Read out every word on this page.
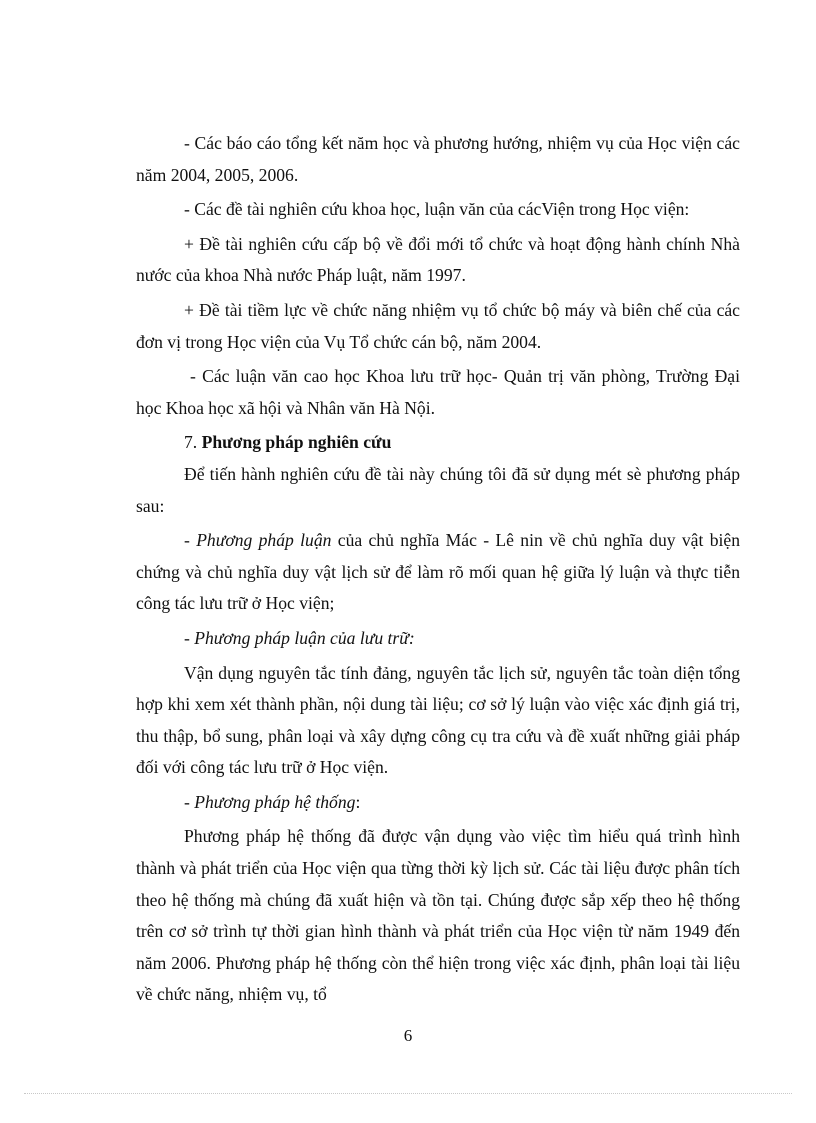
- Các báo cáo tổng kết năm học và phương hướng, nhiệm vụ của Học viện các năm 2004, 2005, 2006.

- Các đề tài nghiên cứu khoa học, luận văn của cácViện trong Học viện:

+ Đề tài nghiên cứu cấp bộ về đổi mới tổ chức và hoạt động hành chính Nhà nước của khoa Nhà nước Pháp luật, năm 1997.

+ Đề tài tiềm lực về chức năng nhiệm vụ tổ chức bộ máy và biên chế của các đơn vị trong Học viện của Vụ Tổ chức cán bộ, năm 2004.

- Các luận văn cao học Khoa lưu trữ học- Quản trị văn phòng, Trường Đại học Khoa học xã hội và Nhân văn Hà Nội.

7. Phương pháp nghiên cứu

Để tiến hành nghiên cứu đề tài này chúng tôi đã sử dụng mét sè phương pháp sau:

- Phương pháp luận của chủ nghĩa Mác - Lê nin về chủ nghĩa duy vật biện chứng và chủ nghĩa duy vật lịch sử để làm rõ mối quan hệ giữa lý luận và thực tiễn công tác lưu trữ ở Học viện;

- Phương pháp luận của lưu trữ:

Vận dụng nguyên tắc tính đảng, nguyên tắc lịch sử, nguyên tắc toàn diện tổng hợp khi xem xét thành phần, nội dung tài liệu; cơ sở lý luận vào việc xác định giá trị, thu thập, bổ sung, phân loại và xây dựng công cụ tra cứu và đề xuất những giải pháp đối với công tác lưu trữ ở Học viện.

- Phương pháp hệ thống:

Phương pháp hệ thống đã được vận dụng vào việc tìm hiểu quá trình hình thành và phát triển của Học viện qua từng thời kỳ lịch sử. Các tài liệu được phân tích theo hệ thống mà chúng đã xuất hiện và tồn tại. Chúng được sắp xếp theo hệ thống trên cơ sở trình tự thời gian hình thành và phát triển của Học viện từ năm 1949 đến năm 2006. Phương pháp hệ thống còn thể hiện trong việc xác định, phân loại tài liệu về chức năng, nhiệm vụ, tổ

6
